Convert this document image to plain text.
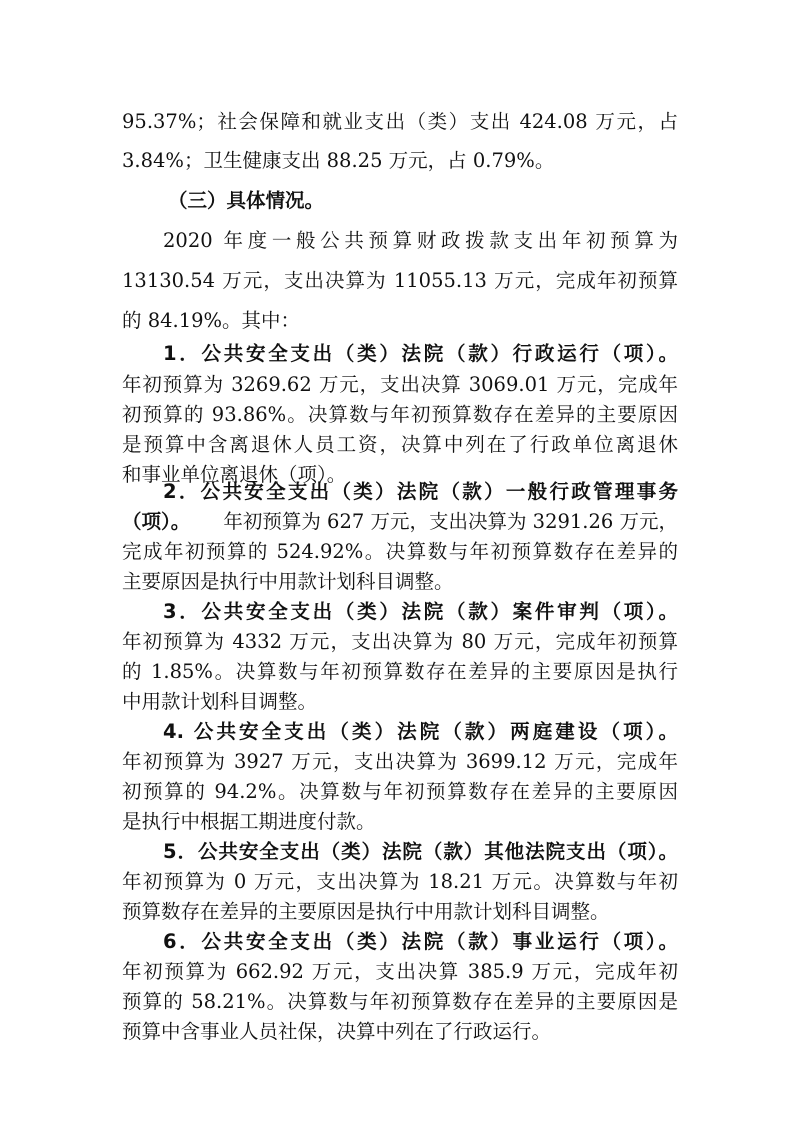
95.37%；社会保障和就业支出（类）支出 424.08 万元，占

3.84%；卫生健康支出 88.25 万元，占 0.79%。

（三）具体情况。

2020 年度一般公共预算财政拨款支出年初预算为

13130.54 万元，支出决算为 11055.13 万元，完成年初预算

的 84.19%。其中：

1．公共安全支出（类）法院（款）行政运行（项）。

年初预算为 3269.62 万元，支出决算 3069.01 万元，完成年

初预算的 93.86%。决算数与年初预算数存在差异的主要原因

是预算中含离退休人员工资，决算中列在了行政单位离退休

和事业单位离退休（项）。

2．公共安全支出（类）法院（款）一般行政管理事务

（项）。 年初预算为 627 万元，支出决算为 3291.26 万元，

完成年初预算的 524.92%。决算数与年初预算数存在差异的

主要原因是执行中用款计划科目调整。

3．公共安全支出（类）法院（款）案件审判（项）。

年初预算为 4332 万元，支出决算为 80 万元，完成年初预算

的 1.85%。决算数与年初预算数存在差异的主要原因是执行

中用款计划科目调整。

4. 公共安全支出（类）法院（款）两庭建设（项）。

年初预算为 3927 万元，支出决算为 3699.12 万元，完成年

初预算的 94.2%。决算数与年初预算数存在差异的主要原因

是执行中根据工期进度付款。

5．公共安全支出（类）法院（款）其他法院支出（项）。

年初预算为 0 万元，支出决算为 18.21 万元。决算数与年初

预算数存在差异的主要原因是执行中用款计划科目调整。

6．公共安全支出（类）法院（款）事业运行（项）。

年初预算为 662.92 万元，支出决算 385.9 万元，完成年初

预算的 58.21%。决算数与年初预算数存在差异的主要原因是

预算中含事业人员社保，决算中列在了行政运行。
